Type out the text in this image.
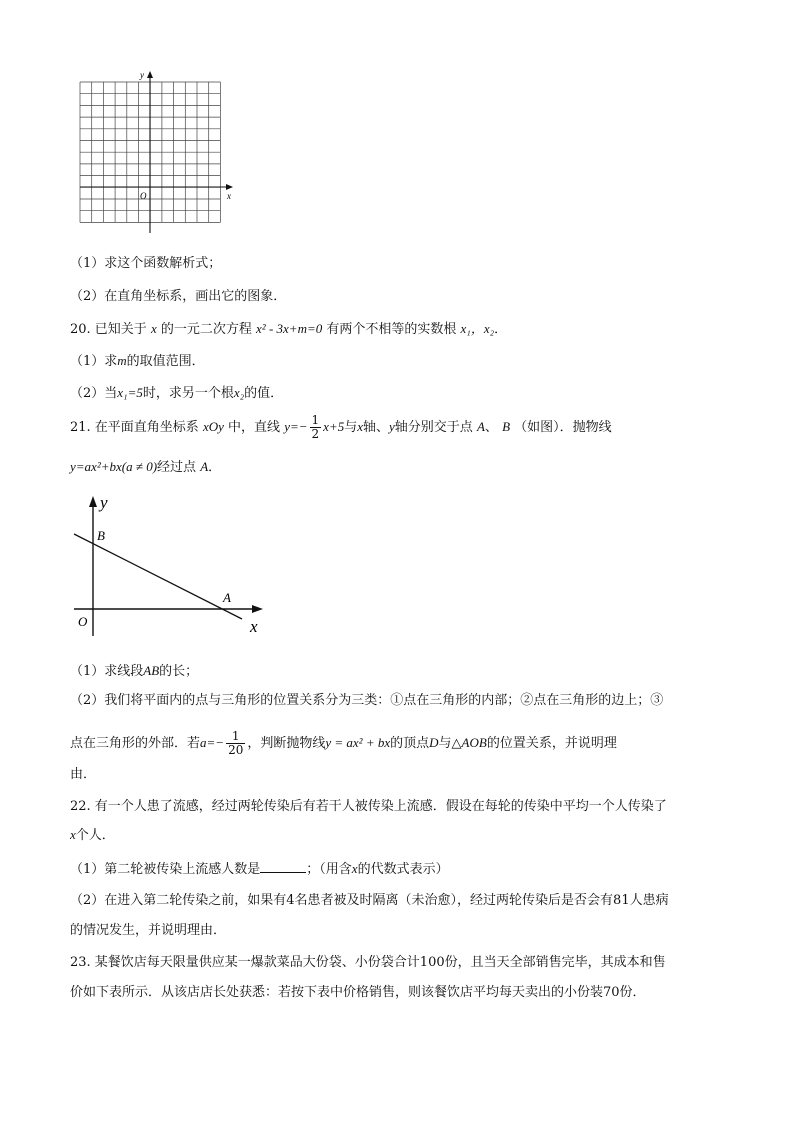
y
x
O
（1）求这个函数解析式；
（2）在直角坐标系，画出它的图象．
20. 已知关于 x 的一元二次方程 x² - 3x+m=0 有两个不相等的实数根 x₁，x₂．
（1）求m的取值范围．
（2）当x₁=5时，求另一个根x₂的值．
21. 在平面直角坐标系 xOy 中，直线 $y=- \frac{1}{2} x+5$与x轴、y轴分别交于点 A、 B （如图）．抛物线
y=ax²+bx(a ≠ 0)经过点 A．
y
x
B
A
O
（1）求线段AB的长；
（2）我们将平面内的点与三角形的位置关系分为三类：①点在三角形的内部；②点在三角形的边上；③
点在三角形的外部．若$a=- \frac{1}{20}$ ，判断抛物线y = ax² + bx的顶点D与△AOB的位置关系，并说明理
由．
22. 有一个人患了流感，经过两轮传染后有若干人被传染上流感．假设在每轮的传染中平均一个人传染了
x个人．
（1）第二轮被传染上流感人数是	；（用含x的代数式表示）
（2）在进入第二轮传染之前，如果有4名患者被及时隔离（未治愈），经过两轮传染后是否会有81人患病
的情况发生，并说明理由．
23. 某餐饮店每天限量供应某一爆款菜品大份袋、小份袋合计100份，且当天全部销售完毕，其成本和售
价如下表所示．从该店店长处获悉：若按下表中价格销售，则该餐饮店平均每天卖出的小份装70份．
